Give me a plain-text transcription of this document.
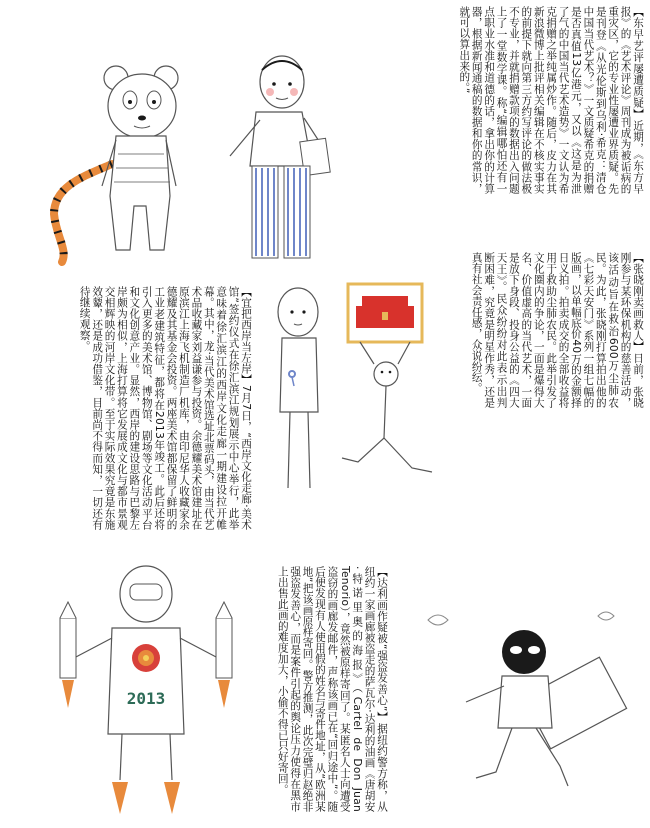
【东早艺评屡遭质疑】近期，《东方早报》的《艺术评论》周刊成为被诟病的重灾区，它的专业性屡遭业界质疑。先是刊登《从光伦斯到乌利·希克：清仓中国当代艺术？》一文质疑希克的捐赠是否真值13亿港元，又以《这是为泄了气的中国当代艺术造势》一文认为希克捐赠之举纯属炒作。随后，皮力在其新浪微博上批评相关编辑在不核实事实的前提下就向第三方约写评论的做法极不专业，并就捐赠款项的数据出入问题上了一堂数学课。称“编辑哪怕还有一点职业水准和道德的话，拿出你的计算器，根据新闻通稿的数据和你的常识，就可以算出来的。”

【张晓刚卖画救人】日前，张晓刚参与某环保机构的慈善活动，该活动旨在救治600万尘肺农民。为此，张晓刚打算拍出他的《七彩天安门》系列一组七幅的版画，以单幅底价40万的金额择日义拍。拍卖成交的全部收益将用于救助尘肺农民。此举引发了文化圈内的争论，一面是爆得大名、价值虚高的当代艺术，一面是放下身段、投身公益的《四大天王》。民众纷纷对此表示出判断困难，究竟是明星作秀，还是真有社会责任感，众说纷纭。

【宜把西岸当左岸】7月7日，“西岸文化走廊·美术馆”签约仪式在徐汇滨江规划展示中心举行，此举意味着徐汇滨江的西岸文化走廊一期建设拉开帷幕。其中，龙·当代美术馆选址北票码头，由当代艺术品收藏家刘益谦参与投资。余德耀美术馆建址在原滨江上海飞机制造厂机库，由印尼华人收藏家余德耀及其基金会投资。两座美术馆都保留了鲜明的工业老建筑特征，都将在2013年竣工。此后还将引入更多的美术馆、博物馆、剧场等文化活动平台和文化创意产业。显然，西岸的建设思路与巴黎左岸颇为相似，上海打算将它发展成文化与都市景观交相辉映的河岸文化带。至于实际效果究竟是东施效颦，还是成功借鉴，目前尚不得而知，一切还有待继续观察。

【达利画作疑被“强盗发善心”】据纽约警方称，从纽约一家画廊被盗走的萨瓦尔·达利的油画《唐胡安·特诺里奥的海报》（Cartel de Don Juan Tenorio），竟然被原样寄回了。某匿名人士向遭受盗窃的画廊发邮件，声称该画已在“回归途中”。随后便发现有人使用假的姓名与寄件地址，从“欧洲某地”把该画原样寄回。警方推测，此次完璧归赵绝非强盗发善心，而是案件引起的舆论压力使得在黑市上出售此画的难度加大，小偷不得已只好寄回。

2013
